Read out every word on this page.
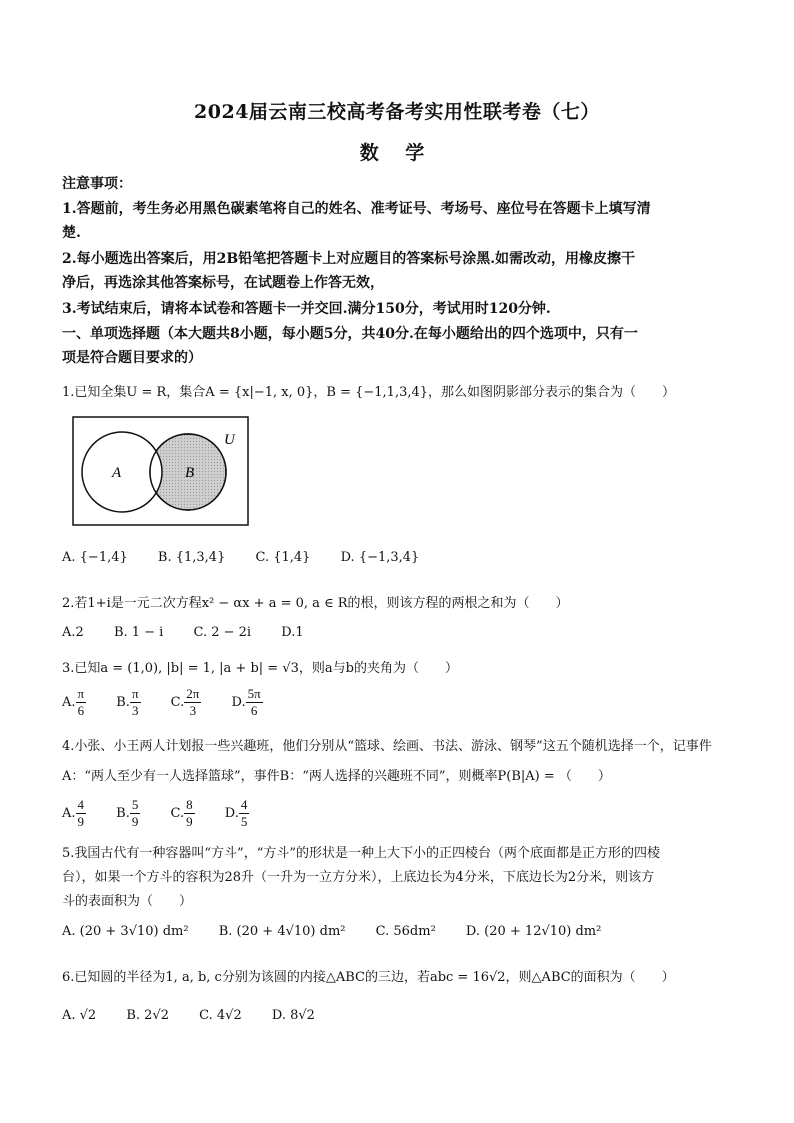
2024届云南三校高考备考实用性联考卷（七）
数 学
注意事项：
1.答题前，考生务必用黑色碳素笔将自己的姓名、准考证号、考场号、座位号在答题卡上填写清
楚.
2.每小题选出答案后，用2B铅笔把答题卡上对应题目的答案标号涂黑.如需改动，用橡皮擦干
净后，再选涂其他答案标号，在试题卷上作答无效，
3.考试结束后，请将本试卷和答题卡一并交回.满分150分，考试用时120分钟.
一、单项选择题（本大题共8小题，每小题5分，共40分.在每小题给出的四个选项中，只有一
项是符合题目要求的）
1.已知全集U = R，集合A = {x|−1, x, 0}，B = {−1,1,3,4}，那么如图阴影部分表示的集合为（　　）
U
A	B
A. {−1,4} B. {1,3,4} C. {1,4} D. {−1,3,4}
2.若1+i是一元二次方程x² − αx + a = 0, a ∈ R的根，则该方程的两根之和为（　　）
A.2 B. 1 − i C. 2 − 2i D.1
3.已知a = (1,0), |b| = 1, |a + b| = √3，则a与b的夹角为（　　）
A. $\frac{\pi}{6} B$. $\frac{\pi}{3} C$. $\frac{2\pi}{3} D$. $\frac{5\pi}{6}$
4.小张、小王两人计划报一些兴趣班，他们分别从“篮球、绘画、书法、游泳、钢琴”这五个随机选择一个，记事件
A：“两人至少有一人选择篮球”，事件B：“两人选择的兴趣班不同”，则概率P(B|A) = （　　）
A. $\frac{4}{9} B$. $\frac{5}{9} C$. $\frac{8}{9} D$. $\frac{4}{5}$
5.我国古代有一种容器叫“方斗”，“方斗”的形状是一种上大下小的正四棱台（两个底面都是正方形的四棱
台），如果一个方斗的容积为28升（一升为一立方分米），上底边长为4分米，下底边长为2分米，则该方
斗的表面积为（　　）
A. (20 + 3√10) dm² B. (20 + 4√10) dm² C. 56dm² D. (20 + 12√10) dm²
6.已知圆的半径为1, a, b, c分别为该圆的内接△ABC的三边，若abc = 16√2，则△ABC的面积为（　　）
A. √2 B. 2√2 C. 4√2 D. 8√2
